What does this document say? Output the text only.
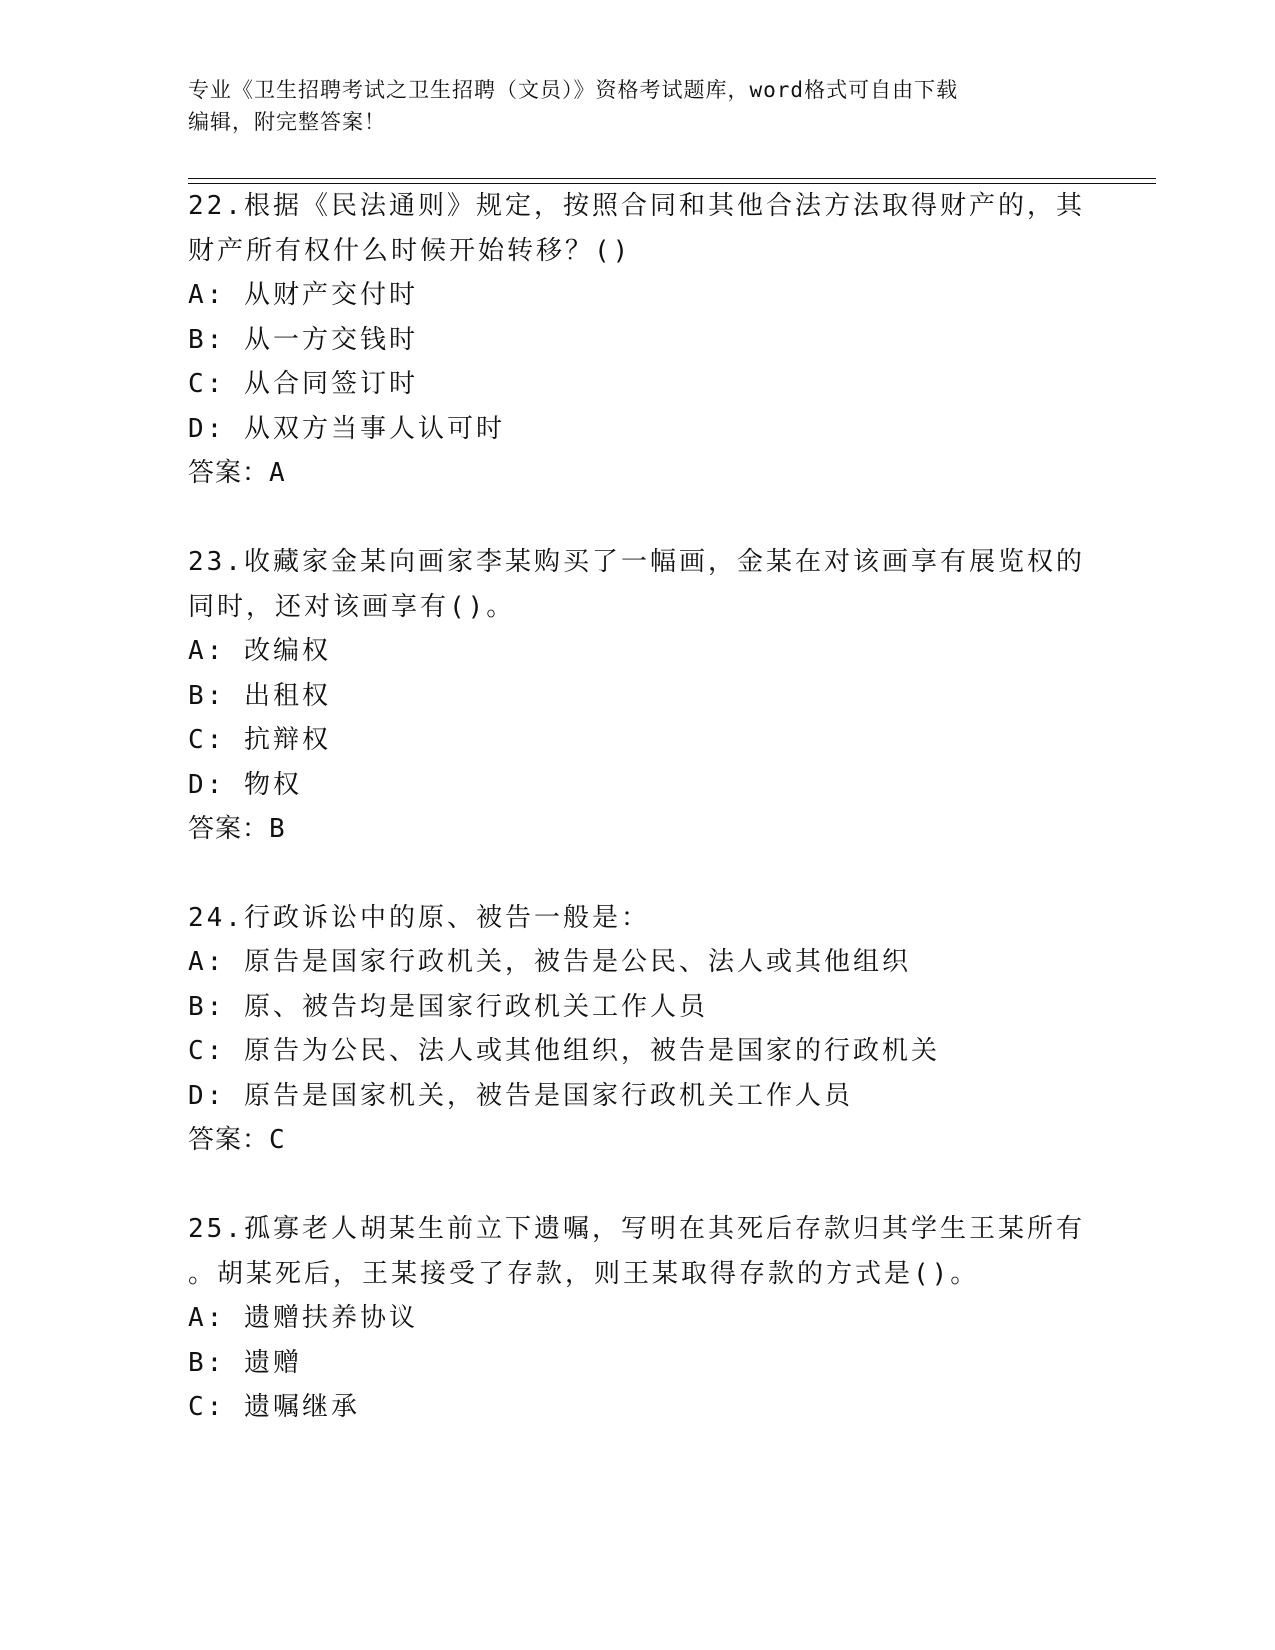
专业《卫生招聘考试之卫生招聘（文员）》资格考试题库，word格式可自由下载
编辑，附完整答案！
22.根据《民法通则》规定，按照合同和其他合法方法取得财产的，其
财产所有权什么时候开始转移？()
A: 从财产交付时
B: 从一方交钱时
C: 从合同签订时
D: 从双方当事人认可时
答案：A
23.收藏家金某向画家李某购买了一幅画，金某在对该画享有展览权的
同时，还对该画享有()。
A: 改编权
B: 出租权
C: 抗辩权
D: 物权
答案：B
24.行政诉讼中的原、被告一般是：
A: 原告是国家行政机关，被告是公民、法人或其他组织
B: 原、被告均是国家行政机关工作人员
C: 原告为公民、法人或其他组织，被告是国家的行政机关
D: 原告是国家机关，被告是国家行政机关工作人员
答案：C
25.孤寡老人胡某生前立下遗嘱，写明在其死后存款归其学生王某所有
。胡某死后，王某接受了存款，则王某取得存款的方式是()。
A: 遗赠扶养协议
B: 遗赠
C: 遗嘱继承
